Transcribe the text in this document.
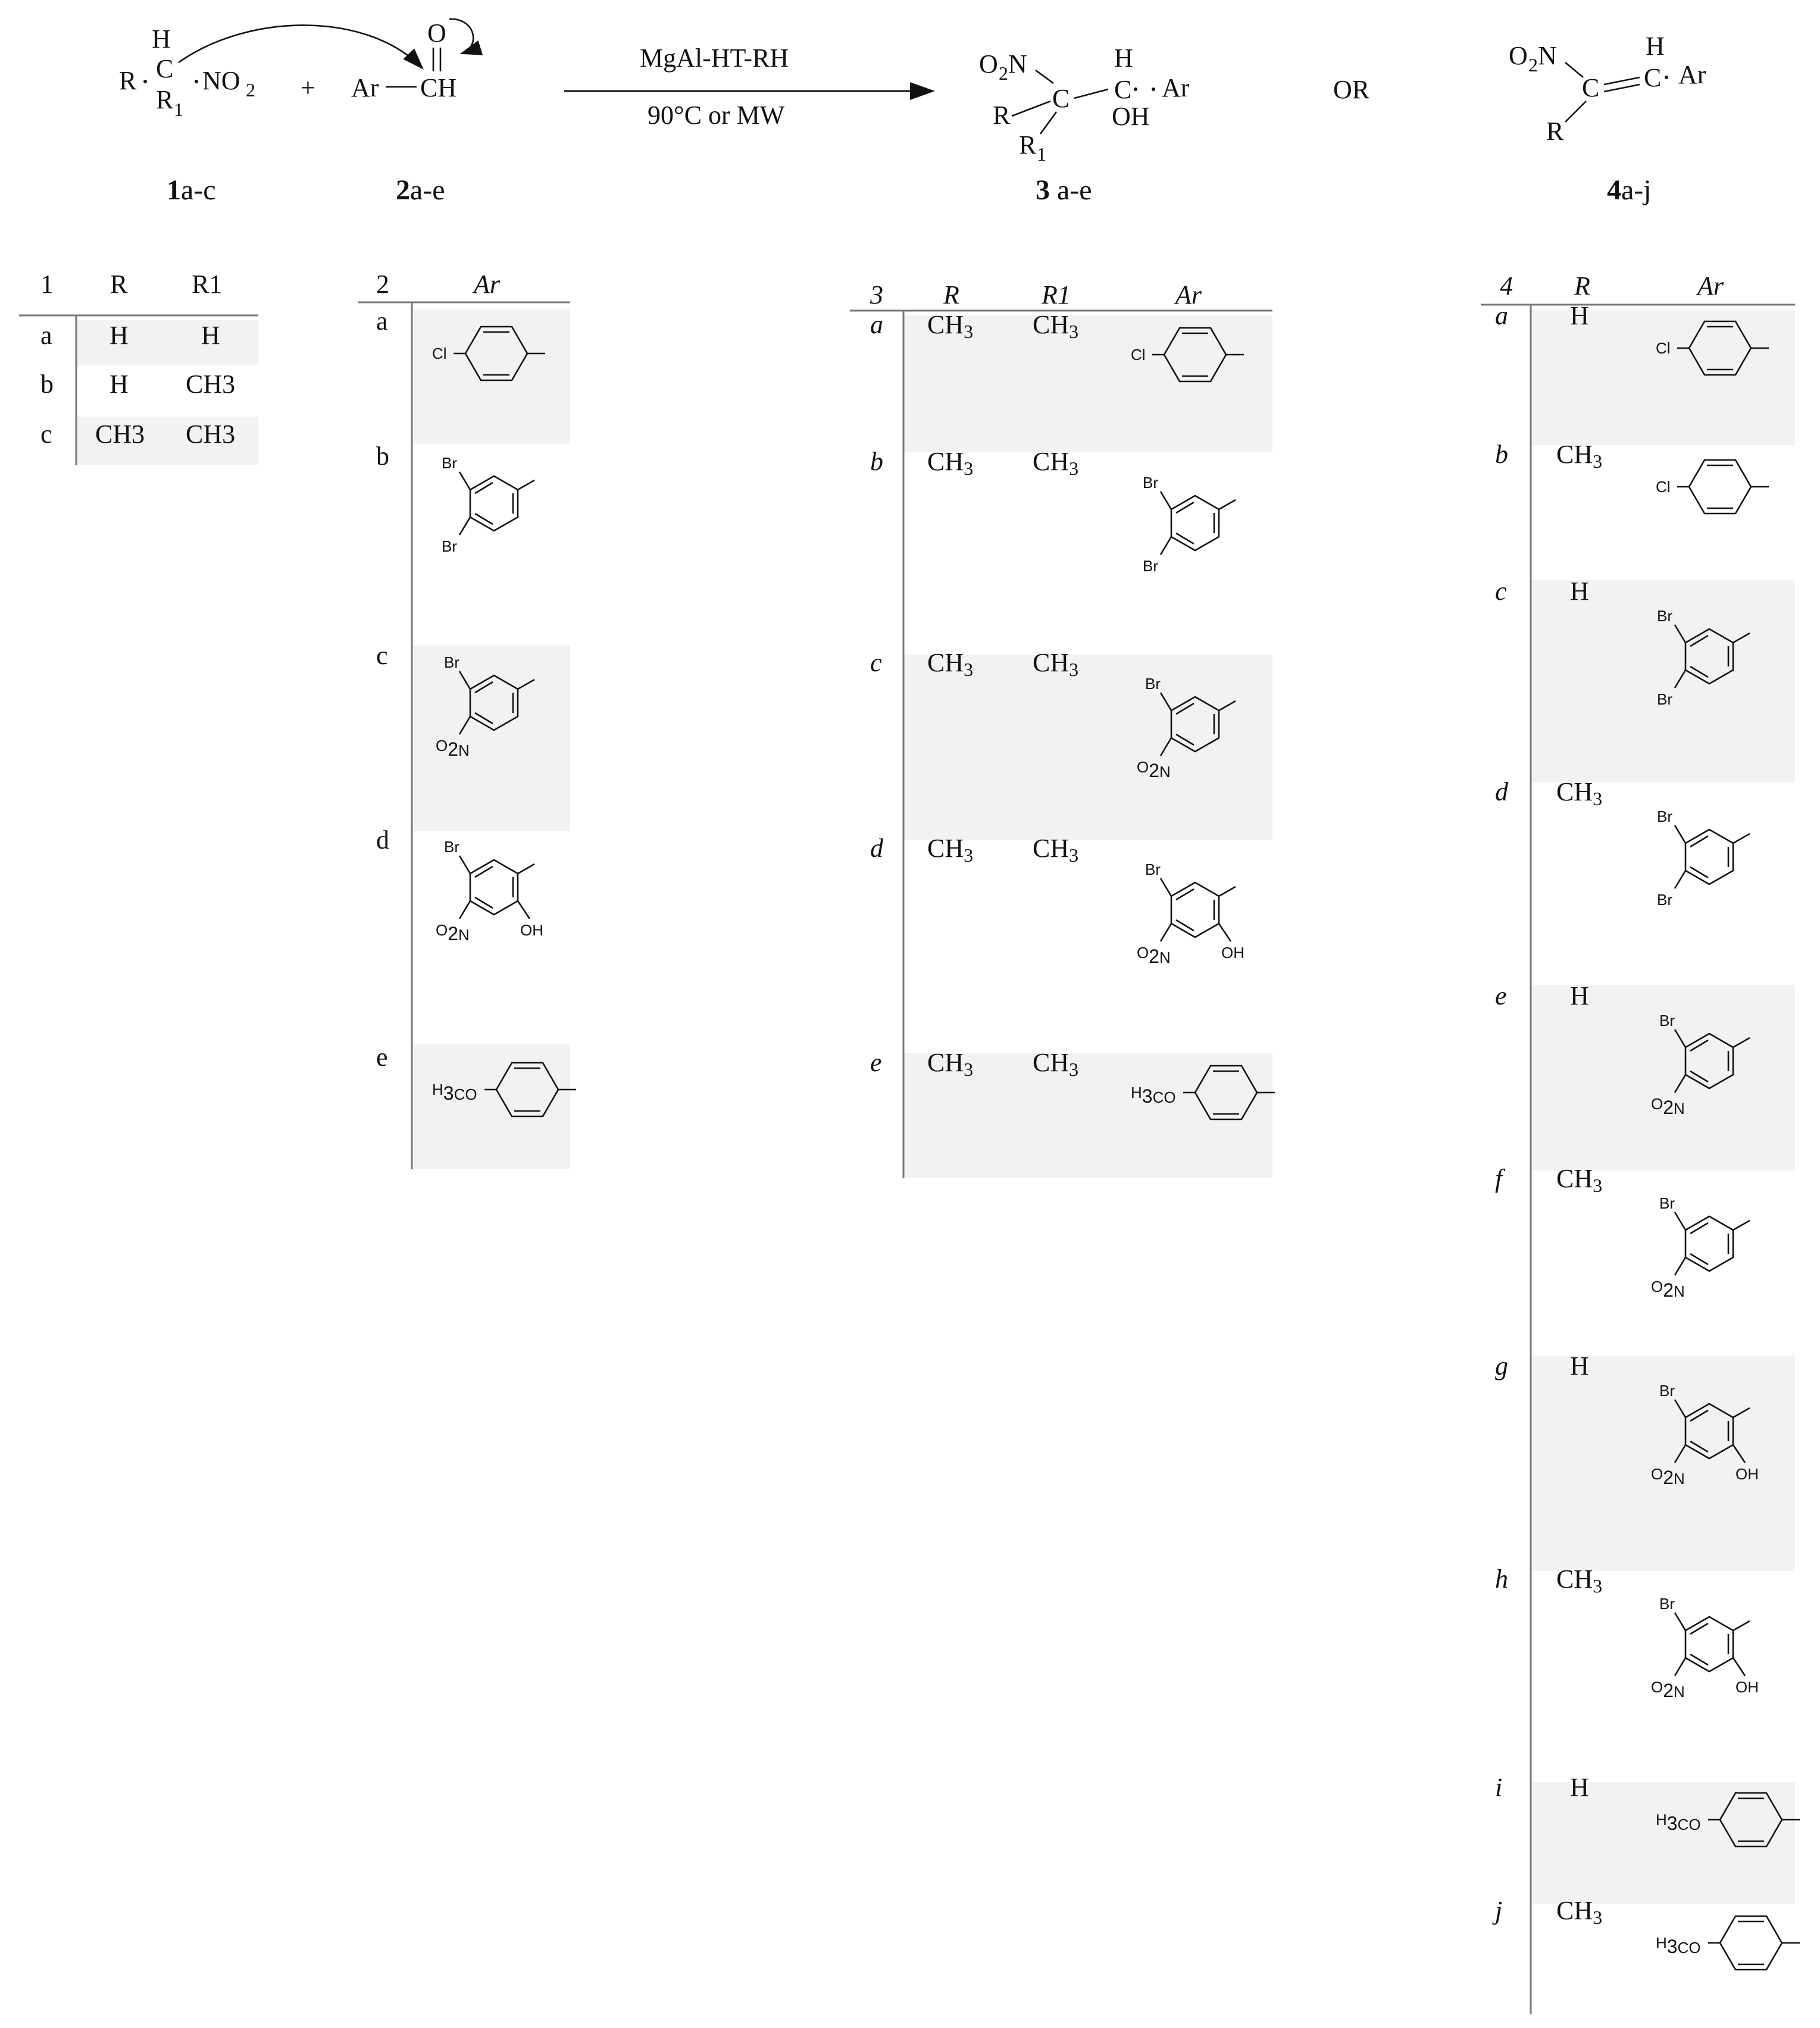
H
R C
R 1
NO 2 + Ar CH
O
MgAl-HT-RH
90°C or MW
O 2 N
C
R
R 1
H
C Ar
OH
OR
O 2 N
C
H
C Ar
R
1a-c	2a-e	3 a-e	4a-j
1 R R1
a H	H
b H CH3
c CH3 CH3
2	Ar
a
Cl
b	Br
Br
c	Br
O2N
d	Br
O2N	OH
e
H3CO
3 R	R1	Ar
a CH3 CH3
Cl
b CH3 CH3
Br
Br
c CH3 CH3
Br
O2N
d CH3 CH3
Br
O2N	OH
e CH3 CH3
H3CO
4 R	Ar
a H
Cl
b CH3
Cl
c H
Br
Br
d CH3
Br
Br
e H
Br
O2N
f CH3
Br
O2N
g H
Br
O2N	OH
h CH3
Br
O2N	OH
i	H
H3CO
j CH3
H3CO
